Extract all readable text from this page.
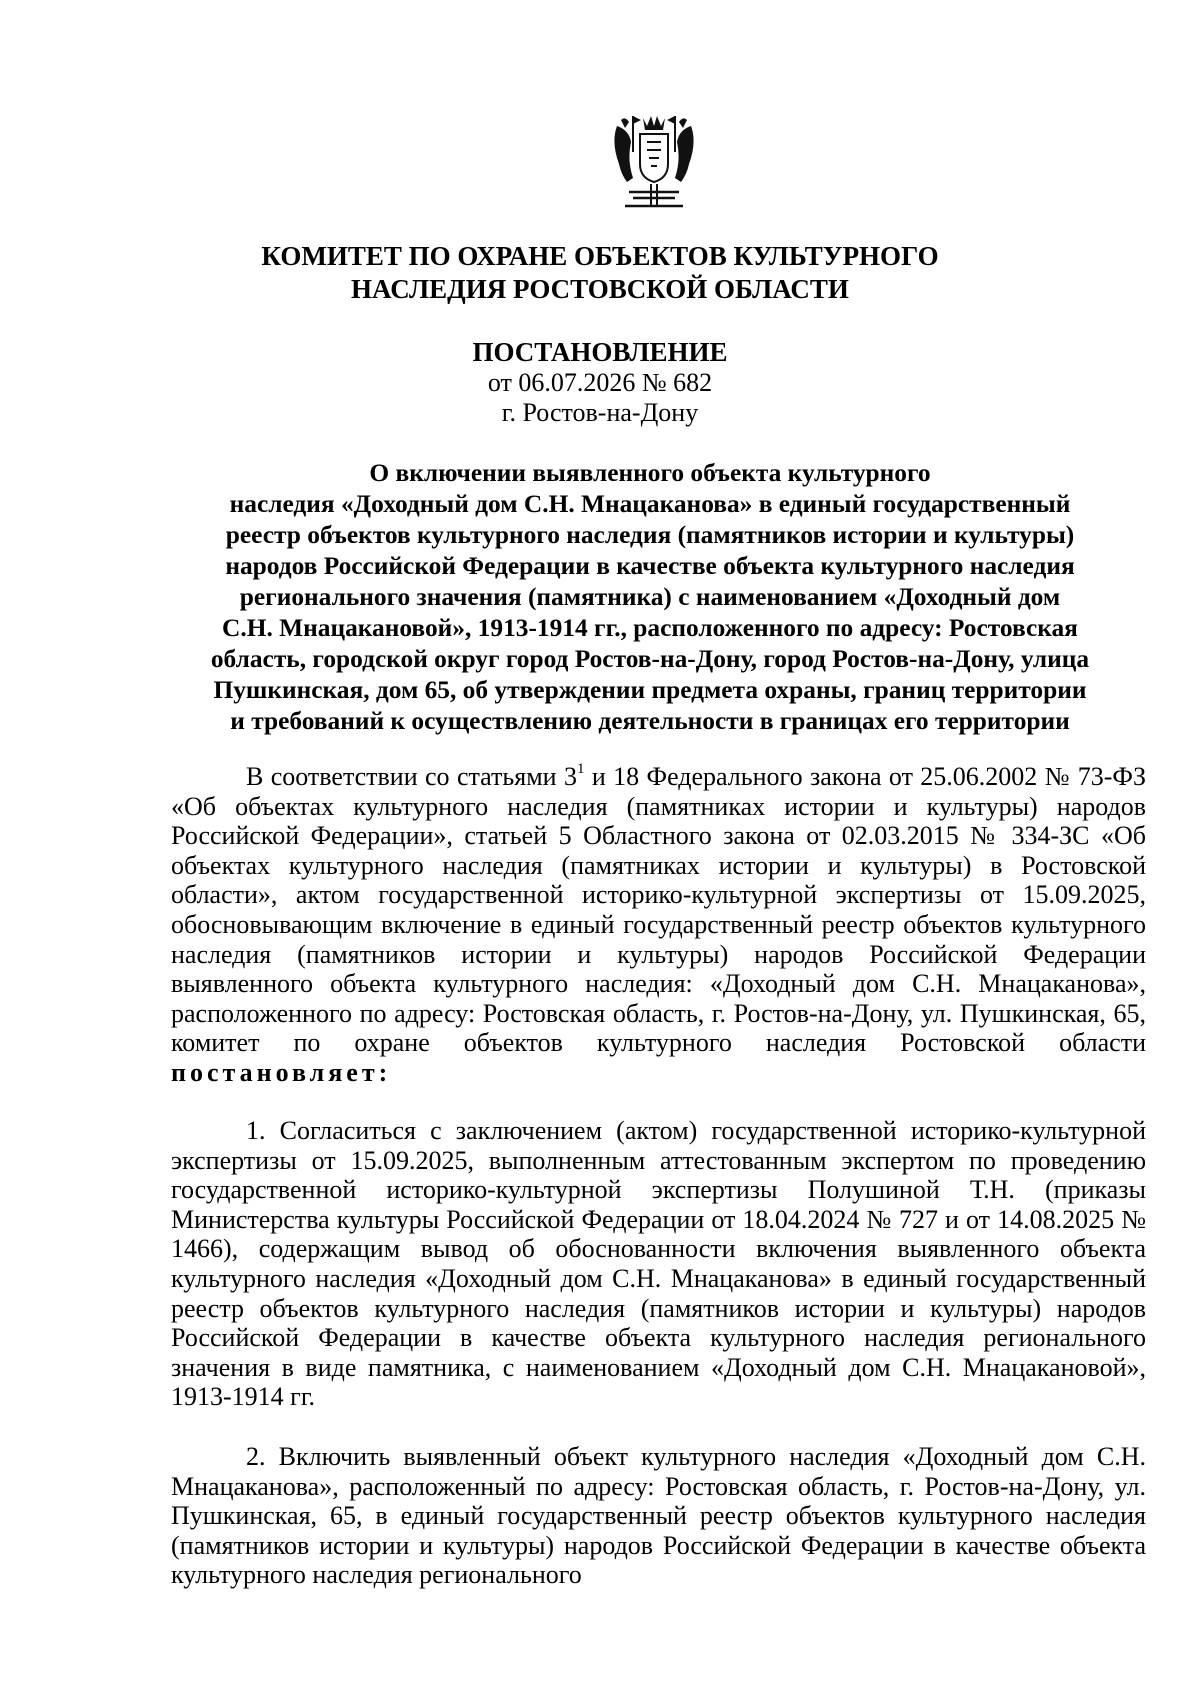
КОМИТЕТ ПО ОХРАНЕ ОБЪЕКТОВ КУЛЬТУРНОГО
НАСЛЕДИЯ РОСТОВСКОЙ ОБЛАСТИ
ПОСТАНОВЛЕНИЕ
от 06.07.2026 № 682
г. Ростов-на-Дону
О включении выявленного объекта культурного
наследия «Доходный дом С.Н. Мнацаканова» в единый государственный
реестр объектов культурного наследия (памятников истории и культуры)
народов Российской Федерации в качестве объекта культурного наследия
регионального значения (памятника) с наименованием «Доходный дом
С.Н. Мнацакановой», 1913-1914 гг., расположенного по адресу: Ростовская
область, городской округ город Ростов-на-Дону, город Ростов-на-Дону, улица
Пушкинская, дом 65, об утверждении предмета охраны, границ территории
и требований к осуществлению деятельности в границах его территории

В соответствии со статьями $3^1$ и 18 Федерального закона от 25.06.2002 № 73-ФЗ «Об объектах культурного наследия (памятниках истории и культуры) народов Российской Федерации», статьей 5 Областного закона от 02.03.2015 № 334-ЗС «Об объектах культурного наследия (памятниках истории и культуры) в Ростовской области», актом государственной историко-культурной экспертизы от 15.09.2025, обосновывающим включение в единый государственный реестр объектов культурного наследия (памятников истории и культуры) народов Российской Федерации выявленного объекта культурного наследия: «Доходный дом С.Н. Мнацаканова», расположенного по адресу: Ростовская область, г. Ростов-на-Дону, ул. Пушкинская, 65, комитет по охране объектов культурного наследия Ростовской области постановляет:

1. Согласиться с заключением (актом) государственной историко-культурной экспертизы от 15.09.2025, выполненным аттестованным экспертом по проведению государственной историко-культурной экспертизы Полушиной Т.Н. (приказы Министерства культуры Российской Федерации от 18.04.2024 № 727 и от 14.08.2025 № 1466), содержащим вывод об обоснованности включения выявленного объекта культурного наследия «Доходный дом С.Н. Мнацаканова» в единый государственный реестр объектов культурного наследия (памятников истории и культуры) народов Российской Федерации в качестве объекта культурного наследия регионального значения в виде памятника, с наименованием «Доходный дом С.Н. Мнацакановой», 1913-1914 гг.

2. Включить выявленный объект культурного наследия «Доходный дом С.Н. Мнацаканова», расположенный по адресу: Ростовская область, г. Ростов-на-Дону, ул. Пушкинская, 65, в единый государственный реестр объектов культурного наследия (памятников истории и культуры) народов Российской Федерации в качестве объекта культурного наследия регионального
